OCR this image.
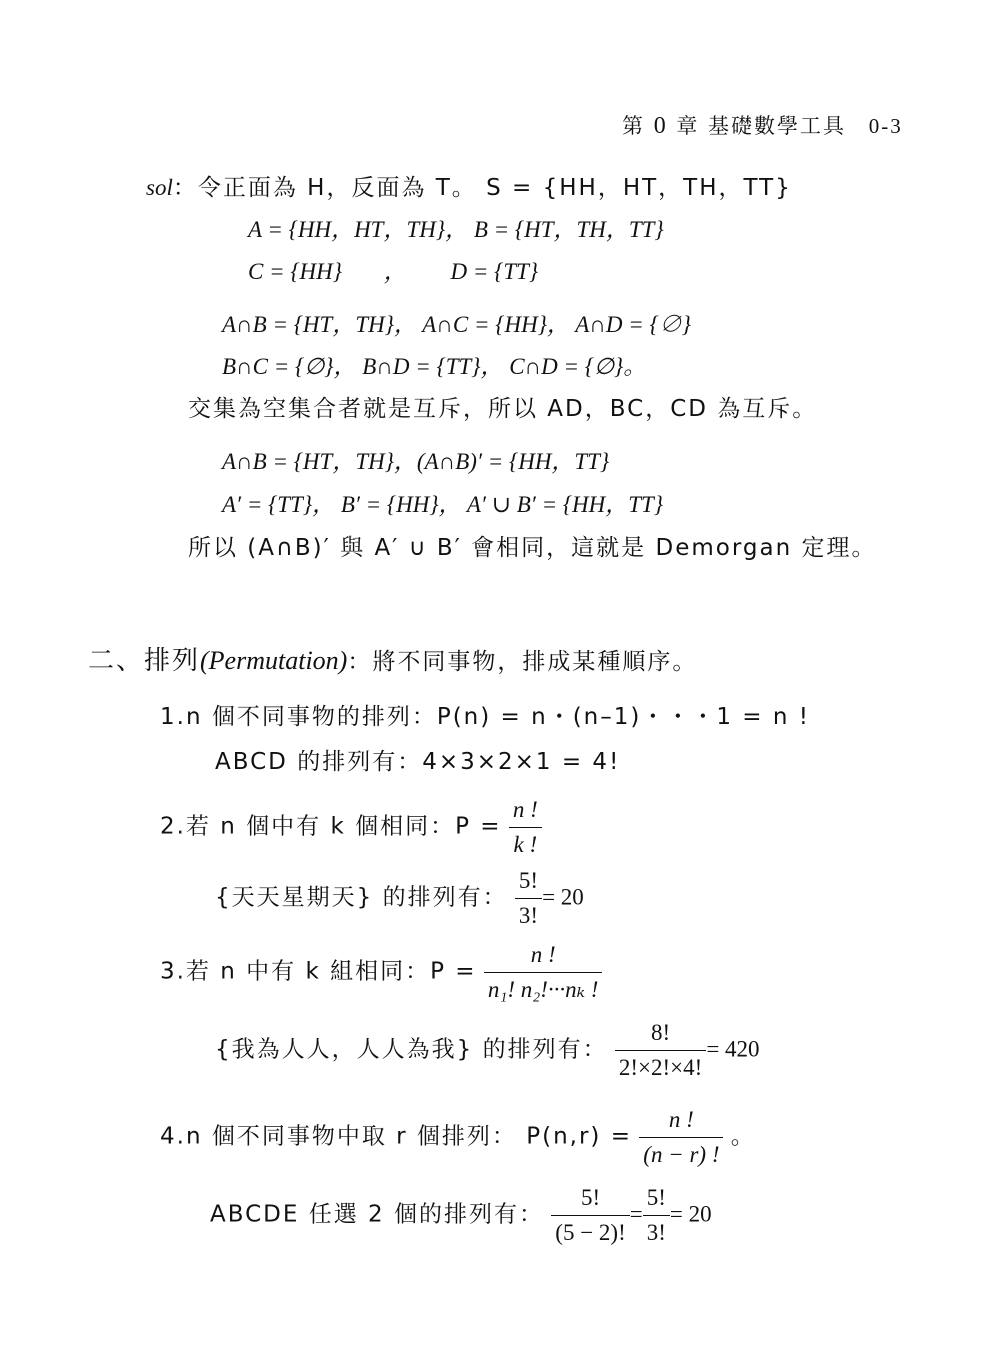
第 0 章 基礎數學工具 0-3
sol：令正面為 H，反面為 T。 S = {HH，HT，TH，TT}
A = {HH，HT，TH}， B = {HT，TH，TT}
C = {HH} ， D = {TT}
A∩B = {HT，TH}， A∩C = {HH}， A∩D = {∅}
B∩C = {∅}， B∩D = {TT}， C∩D = {∅}。
交集為空集合者就是互斥，所以 AD，BC，CD 為互斥。
A∩B = {HT，TH}，(A∩B)′ = {HH，TT}
A′ = {TT}， B′ = {HH}， A′ ∪ B′ = {HH，TT}
所以 (A∩B)′ 與 A′ ∪ B′ 會相同，這就是 Demorgan 定理。
二、排列(Permutation)：將不同事物，排成某種順序。
1.n 個不同事物的排列：P(n) = n・(n–1)・・・1 = n !
ABCD 的排列有：4×3×2×1 = 4!
2.若 n 個中有 k 個相同：$P = \frac{n !}{k !}$
{天天星期天} 的排列有： $\frac{5!}{3!} = 20$
3.若 n 中有 k 組相同：$P = \frac{n !}{\text{n₁! n₂!···nₖ !}}$
{我為人人，人人為我} 的排列有： $\frac{8!}{2!\times 2!\times 4!} = 420$
4.n 個不同事物中取 r 個排列： $P(n,r) = \frac{n !}{(n - r) !}$ 。
ABCDE 任選 2 個的排列有： $\frac{5!}{(5 - 2)!} = \frac{5!}{3!} = 20$
